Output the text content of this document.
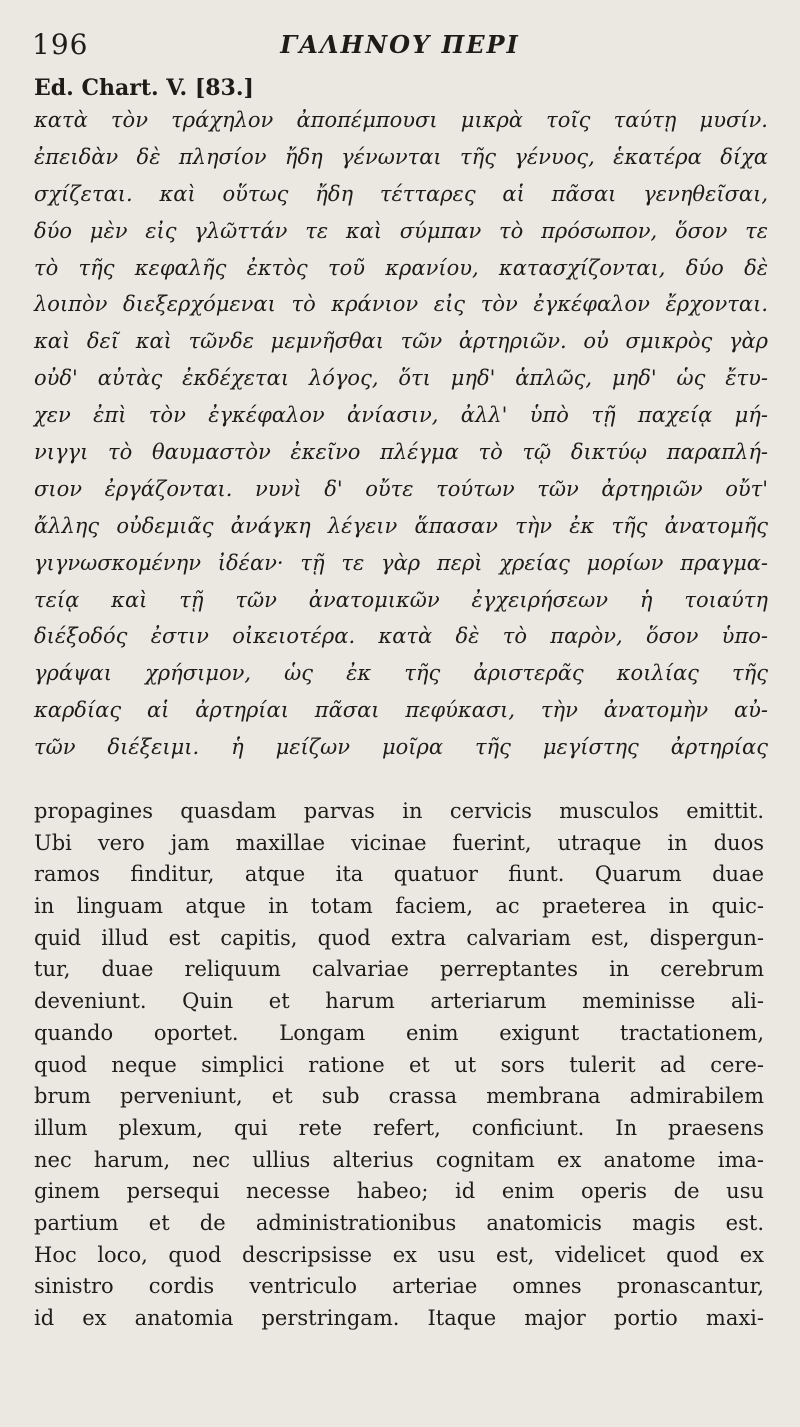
196	ΓΑΛΗΝΟΥ ΠΕΡΙ
Ed. Chart. V. [83.]
κατὰ τὸν τράχηλον ἀποπέμπουσι μικρὰ τοῖς ταύτῃ μυσίν.
ἐπειδὰν δὲ πλησίον ἤδη γένωνται τῆς γένυος, ἑκατέρα δίχα
σχίζεται. καὶ οὕτως ἤδη τέτταρες αἱ πᾶσαι γενηθεῖσαι,
δύο μὲν εἰς γλῶττάν τε καὶ σύμπαν τὸ πρόσωπον, ὅσον τε
τὸ τῆς κεφαλῆς ἐκτὸς τοῦ κρανίου, κατασχίζονται, δύο δὲ
λοιπὸν διεξερχόμεναι τὸ κράνιον εἰς τὸν ἐγκέφαλον ἔρχονται.
καὶ δεῖ καὶ τῶνδε μεμνῆσθαι τῶν ἀρτηριῶν. οὐ σμικρὸς γὰρ
οὐδ' αὐτὰς ἐκδέχεται λόγος, ὅτι μηδ' ἁπλῶς, μηδ' ὡς ἔτυ-
χεν ἐπὶ τὸν ἐγκέφαλον ἀνίασιν, ἀλλ' ὑπὸ τῇ παχείᾳ μή-
νιγγι τὸ θαυμαστὸν ἐκεῖνο πλέγμα τὸ τῷ δικτύῳ παραπλή-
σιον ἐργάζονται. νυνὶ δ' οὔτε τούτων τῶν ἀρτηριῶν οὔτ'
ἄλλης οὐδεμιᾶς ἀνάγκη λέγειν ἅπασαν τὴν ἐκ τῆς ἀνατομῆς
γιγνωσκομένην ἰδέαν· τῇ τε γὰρ περὶ χρείας μορίων πραγμα-
τείᾳ καὶ τῇ τῶν ἀνατομικῶν ἐγχειρήσεων ἡ τοιαύτη
διέξοδός ἐστιν οἰκειοτέρα. κατὰ δὲ τὸ παρὸν, ὅσον ὑπο-
γράψαι χρήσιμον, ὡς ἐκ τῆς ἀριστερᾶς κοιλίας τῆς
καρδίας αἱ ἀρτηρίαι πᾶσαι πεφύκασι, τὴν ἀνατομὴν αὐ-
τῶν διέξειμι. ἡ μείζων μοῖρα τῆς μεγίστης ἀρτηρίας
propagines quasdam parvas in cervicis musculos emittit.
Ubi vero jam maxillae vicinae fuerint, utraque in duos
ramos finditur, atque ita quatuor fiunt. Quarum duae
in linguam atque in totam faciem, ac praeterea in quic-
quid illud est capitis, quod extra calvariam est, dispergun-
tur, duae reliquum calvariae perreptantes in cerebrum
deveniunt. Quin et harum arteriarum meminisse ali-
quando oportet. Longam enim exigunt tractationem,
quod neque simplici ratione et ut sors tulerit ad cere-
brum perveniunt, et sub crassa membrana admirabilem
illum plexum, qui rete refert, conficiunt. In praesens
nec harum, nec ullius alterius cognitam ex anatome ima-
ginem persequi necesse habeo; id enim operis de usu
partium et de administrationibus anatomicis magis est.
Hoc loco, quod descripsisse ex usu est, videlicet quod ex
sinistro cordis ventriculo arteriae omnes pronascantur,
id ex anatomia perstringam. Itaque major portio maxi-
